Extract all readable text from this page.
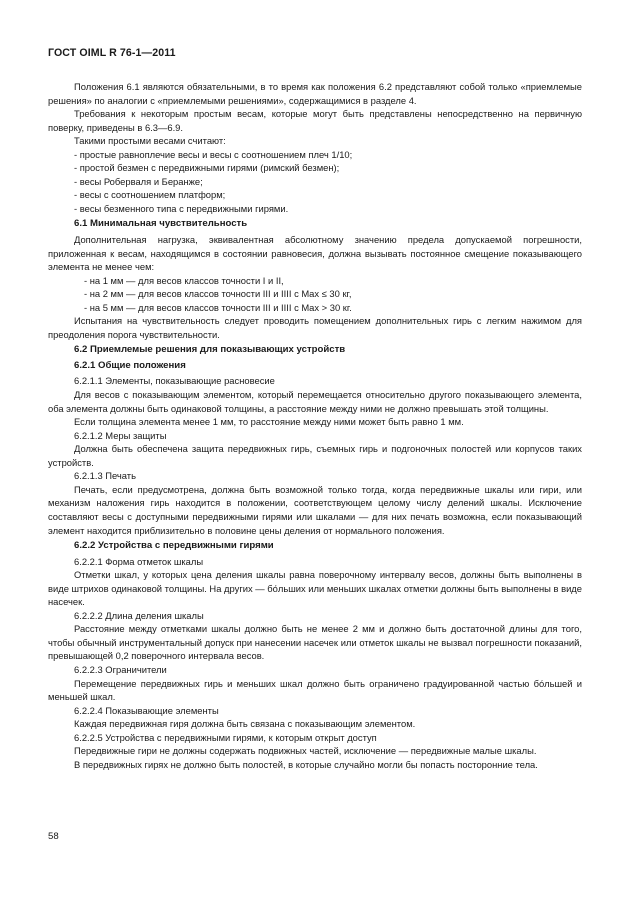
ГОСТ OIML R 76-1—2011

Положения 6.1 являются обязательными, в то время как положения 6.2 представляют собой только «приемлемые решения» по аналогии с «приемлемыми решениями», содержащимися в разделе 4.

Требования к некоторым простым весам, которые могут быть представлены непосредственно на первичную поверку, приведены в 6.3—6.9.

Такими простыми весами считают:

- простые равноплечие весы и весы с соотношением плеч 1/10;

- простой безмен с передвижными гирями (римский безмен);

- весы Роберваля и Беранже;

- весы с соотношением платформ;

- весы безменного типа с передвижными гирями.

6.1 Минимальная чувствительность

Дополнительная нагрузка, эквивалентная абсолютному значению предела допускаемой погрешности, приложенная к весам, находящимся в состоянии равновесия, должна вызывать постоянное смещение показывающего элемента не менее чем:

- на 1 мм — для весов классов точности I и II,

- на 2 мм — для весов классов точности III и IIII с Max ≤ 30 кг,

- на 5 мм — для весов классов точности III и IIII с Max > 30 кг.

Испытания на чувствительность следует проводить помещением дополнительных гирь с легким нажимом для преодоления порога чувствительности.

6.2 Приемлемые решения для показывающих устройств

6.2.1 Общие положения

6.2.1.1 Элементы, показывающие расновесие

Для весов с показывающим элементом, который перемещается относительно другого показывающего элемента, оба элемента должны быть одинаковой толщины, а расстояние между ними не должно превышать этой толщины.

Если толщина элемента менее 1 мм, то расстояние между ними может быть равно 1 мм.

6.2.1.2 Меры защиты

Должна быть обеспечена защита передвижных гирь, съемных гирь и подгоночных полостей или корпусов таких устройств.

6.2.1.3 Печать

Печать, если предусмотрена, должна быть возможной только тогда, когда передвижные шкалы или гири, или механизм наложения гирь находится в положении, соответствующем целому числу делений шкалы. Исключение составляют весы с доступными передвижными гирями или шкалами — для них печать возможна, если показывающий элемент находится приблизительно в половине цены деления от нормального положения.

6.2.2 Устройства с передвижными гирями

6.2.2.1 Форма отметок шкалы

Отметки шкал, у которых цена деления шкалы равна поверочному интервалу весов, должны быть выполнены в виде штрихов одинаковой толщины. На других — бо́льших или меньших шкалах отметки должны быть выполнены в виде насечек.

6.2.2.2 Длина деления шкалы

Расстояние между отметками шкалы должно быть не менее 2 мм и должно быть достаточной длины для того, чтобы обычный инструментальный допуск при нанесении насечек или отметок шкалы не вызвал погрешности показаний, превышающей 0,2 поверочного интервала весов.

6.2.2.3 Ограничители

Перемещение передвижных гирь и меньших шкал должно быть ограничено градуированной частью бо́льшей и меньшей шкал.

6.2.2.4 Показывающие элементы

Каждая передвижная гиря должна быть связана с показывающим элементом.

6.2.2.5 Устройства с передвижными гирями, к которым открыт доступ

Передвижные гири не должны содержать подвижных частей, исключение — передвижные малые шкалы.

В передвижных гирях не должно быть полостей, в которые случайно могли бы попасть посторонние тела.

58
